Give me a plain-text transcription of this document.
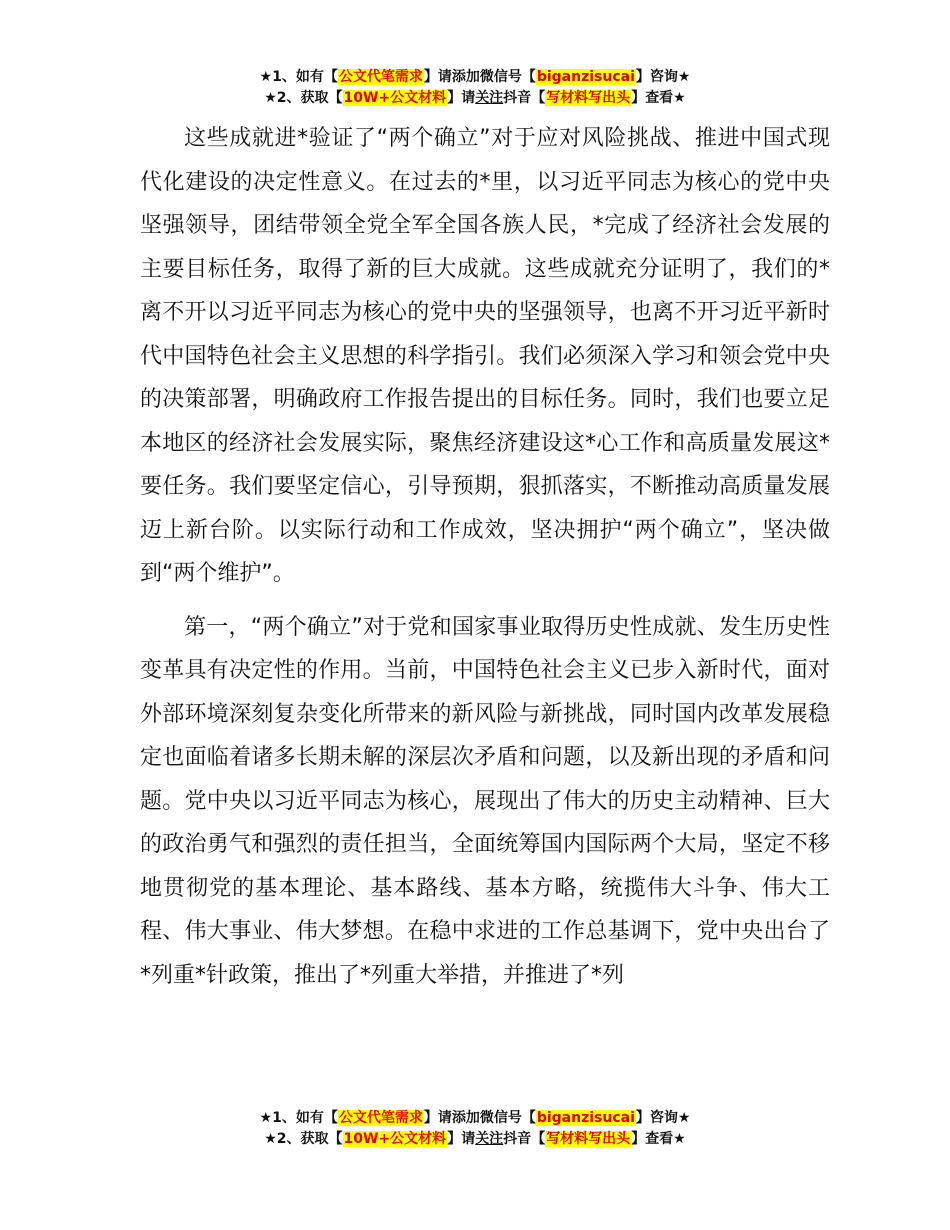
★1、如有【公文代笔需求】请添加微信号【biganzisucai】咨询★
★2、获取【10W+公文材料】请关注抖音【写材料写出头】查看★

这些成就进*验证了“两个确立”对于应对风险挑战、推进中国式现代化建设的决定性意义。在过去的*里，以习近平同志为核心的党中央坚强领导，团结带领全党全军全国各族人民，*完成了经济社会发展的主要目标任务，取得了新的巨大成就。这些成就充分证明了，我们的*离不开以习近平同志为核心的党中央的坚强领导，也离不开习近平新时代中国特色社会主义思想的科学指引。我们必须深入学习和领会党中央的决策部署，明确政府工作报告提出的目标任务。同时，我们也要立足本地区的经济社会发展实际，聚焦经济建设这*心工作和高质量发展这*要任务。我们要坚定信心，引导预期，狠抓落实，不断推动高质量发展迈上新台阶。以实际行动和工作成效，坚决拥护“两个确立”，坚决做到“两个维护”。

第一，“两个确立”对于党和国家事业取得历史性成就、发生历史性变革具有决定性的作用。当前，中国特色社会主义已步入新时代，面对外部环境深刻复杂变化所带来的新风险与新挑战，同时国内改革发展稳定也面临着诸多长期未解的深层次矛盾和问题，以及新出现的矛盾和问题。党中央以习近平同志为核心，展现出了伟大的历史主动精神、巨大的政治勇气和强烈的责任担当，全面统筹国内国际两个大局，坚定不移地贯彻党的基本理论、基本路线、基本方略，统揽伟大斗争、伟大工程、伟大事业、伟大梦想。在稳中求进的工作总基调下，党中央出台了*列重*针政策，推出了*列重大举措，并推进了*列

★1、如有【公文代笔需求】请添加微信号【biganzisucai】咨询★
★2、获取【10W+公文材料】请关注抖音【写材料写出头】查看★
